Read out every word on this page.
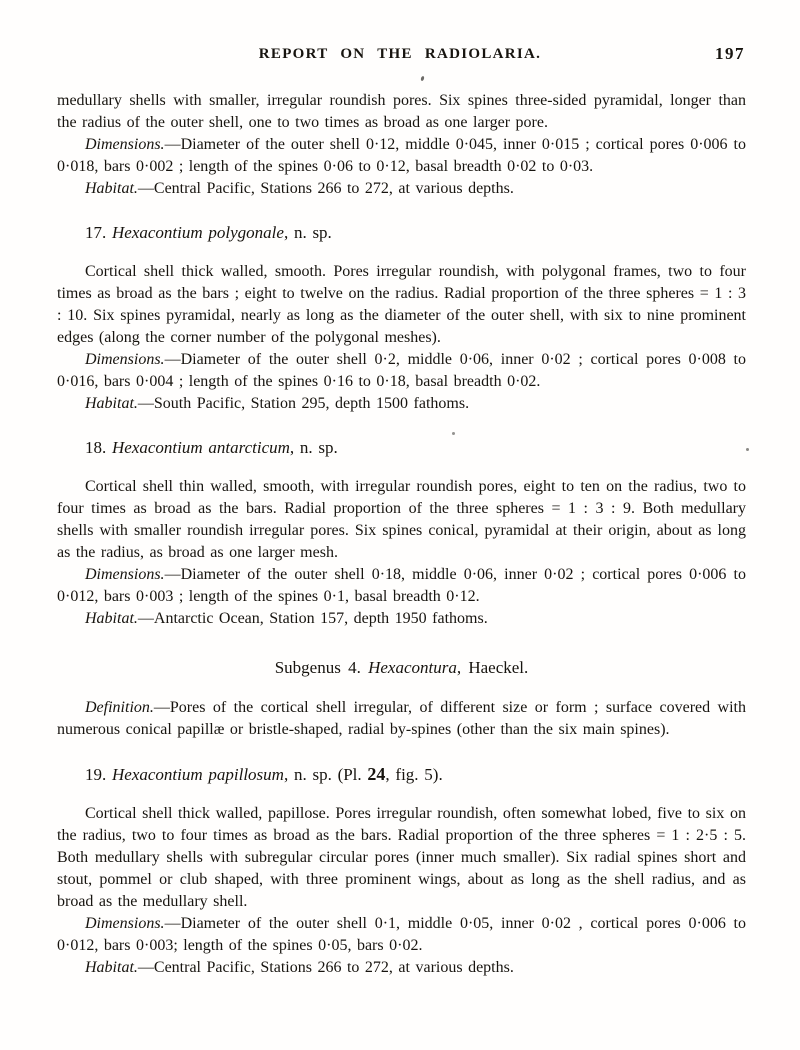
REPORT ON THE RADIOLARIA.	197
medullary shells with smaller, irregular roundish pores. Six spines three-sided pyramidal, longer than the radius of the outer shell, one to two times as broad as one larger pore.
Dimensions.—Diameter of the outer shell 0·12, middle 0·045, inner 0·015 ; cortical pores 0·006 to 0·018, bars 0·002 ; length of the spines 0·06 to 0·12, basal breadth 0·02 to 0·03.
Habitat.—Central Pacific, Stations 266 to 272, at various depths.
17. Hexacontium polygonale, n. sp.
Cortical shell thick walled, smooth. Pores irregular roundish, with polygonal frames, two to four times as broad as the bars ; eight to twelve on the radius. Radial proportion of the three spheres = 1 : 3 : 10. Six spines pyramidal, nearly as long as the diameter of the outer shell, with six to nine prominent edges (along the corner number of the polygonal meshes).
Dimensions.—Diameter of the outer shell 0·2, middle 0·06, inner 0·02 ; cortical pores 0·008 to 0·016, bars 0·004 ; length of the spines 0·16 to 0·18, basal breadth 0·02.
Habitat.—South Pacific, Station 295, depth 1500 fathoms.
18. Hexacontium antarcticum, n. sp.
Cortical shell thin walled, smooth, with irregular roundish pores, eight to ten on the radius, two to four times as broad as the bars. Radial proportion of the three spheres = 1 : 3 : 9. Both medullary shells with smaller roundish irregular pores. Six spines conical, pyramidal at their origin, about as long as the radius, as broad as one larger mesh.
Dimensions.—Diameter of the outer shell 0·18, middle 0·06, inner 0·02 ; cortical pores 0·006 to 0·012, bars 0·003 ; length of the spines 0·1, basal breadth 0·12.
Habitat.—Antarctic Ocean, Station 157, depth 1950 fathoms.
Subgenus 4. Hexacontura, Haeckel.
Definition.—Pores of the cortical shell irregular, of different size or form ; surface covered with numerous conical papillæ or bristle-shaped, radial by-spines (other than the six main spines).
19. Hexacontium papillosum, n. sp. (Pl. 24, fig. 5).
Cortical shell thick walled, papillose. Pores irregular roundish, often somewhat lobed, five to six on the radius, two to four times as broad as the bars. Radial proportion of the three spheres = 1 : 2·5 : 5. Both medullary shells with subregular circular pores (inner much smaller). Six radial spines short and stout, pommel or club shaped, with three prominent wings, about as long as the shell radius, and as broad as the medullary shell.
Dimensions.—Diameter of the outer shell 0·1, middle 0·05, inner 0·02 , cortical pores 0·006 to 0·012, bars 0·003; length of the spines 0·05, bars 0·02.
Habitat.—Central Pacific, Stations 266 to 272, at various depths.
